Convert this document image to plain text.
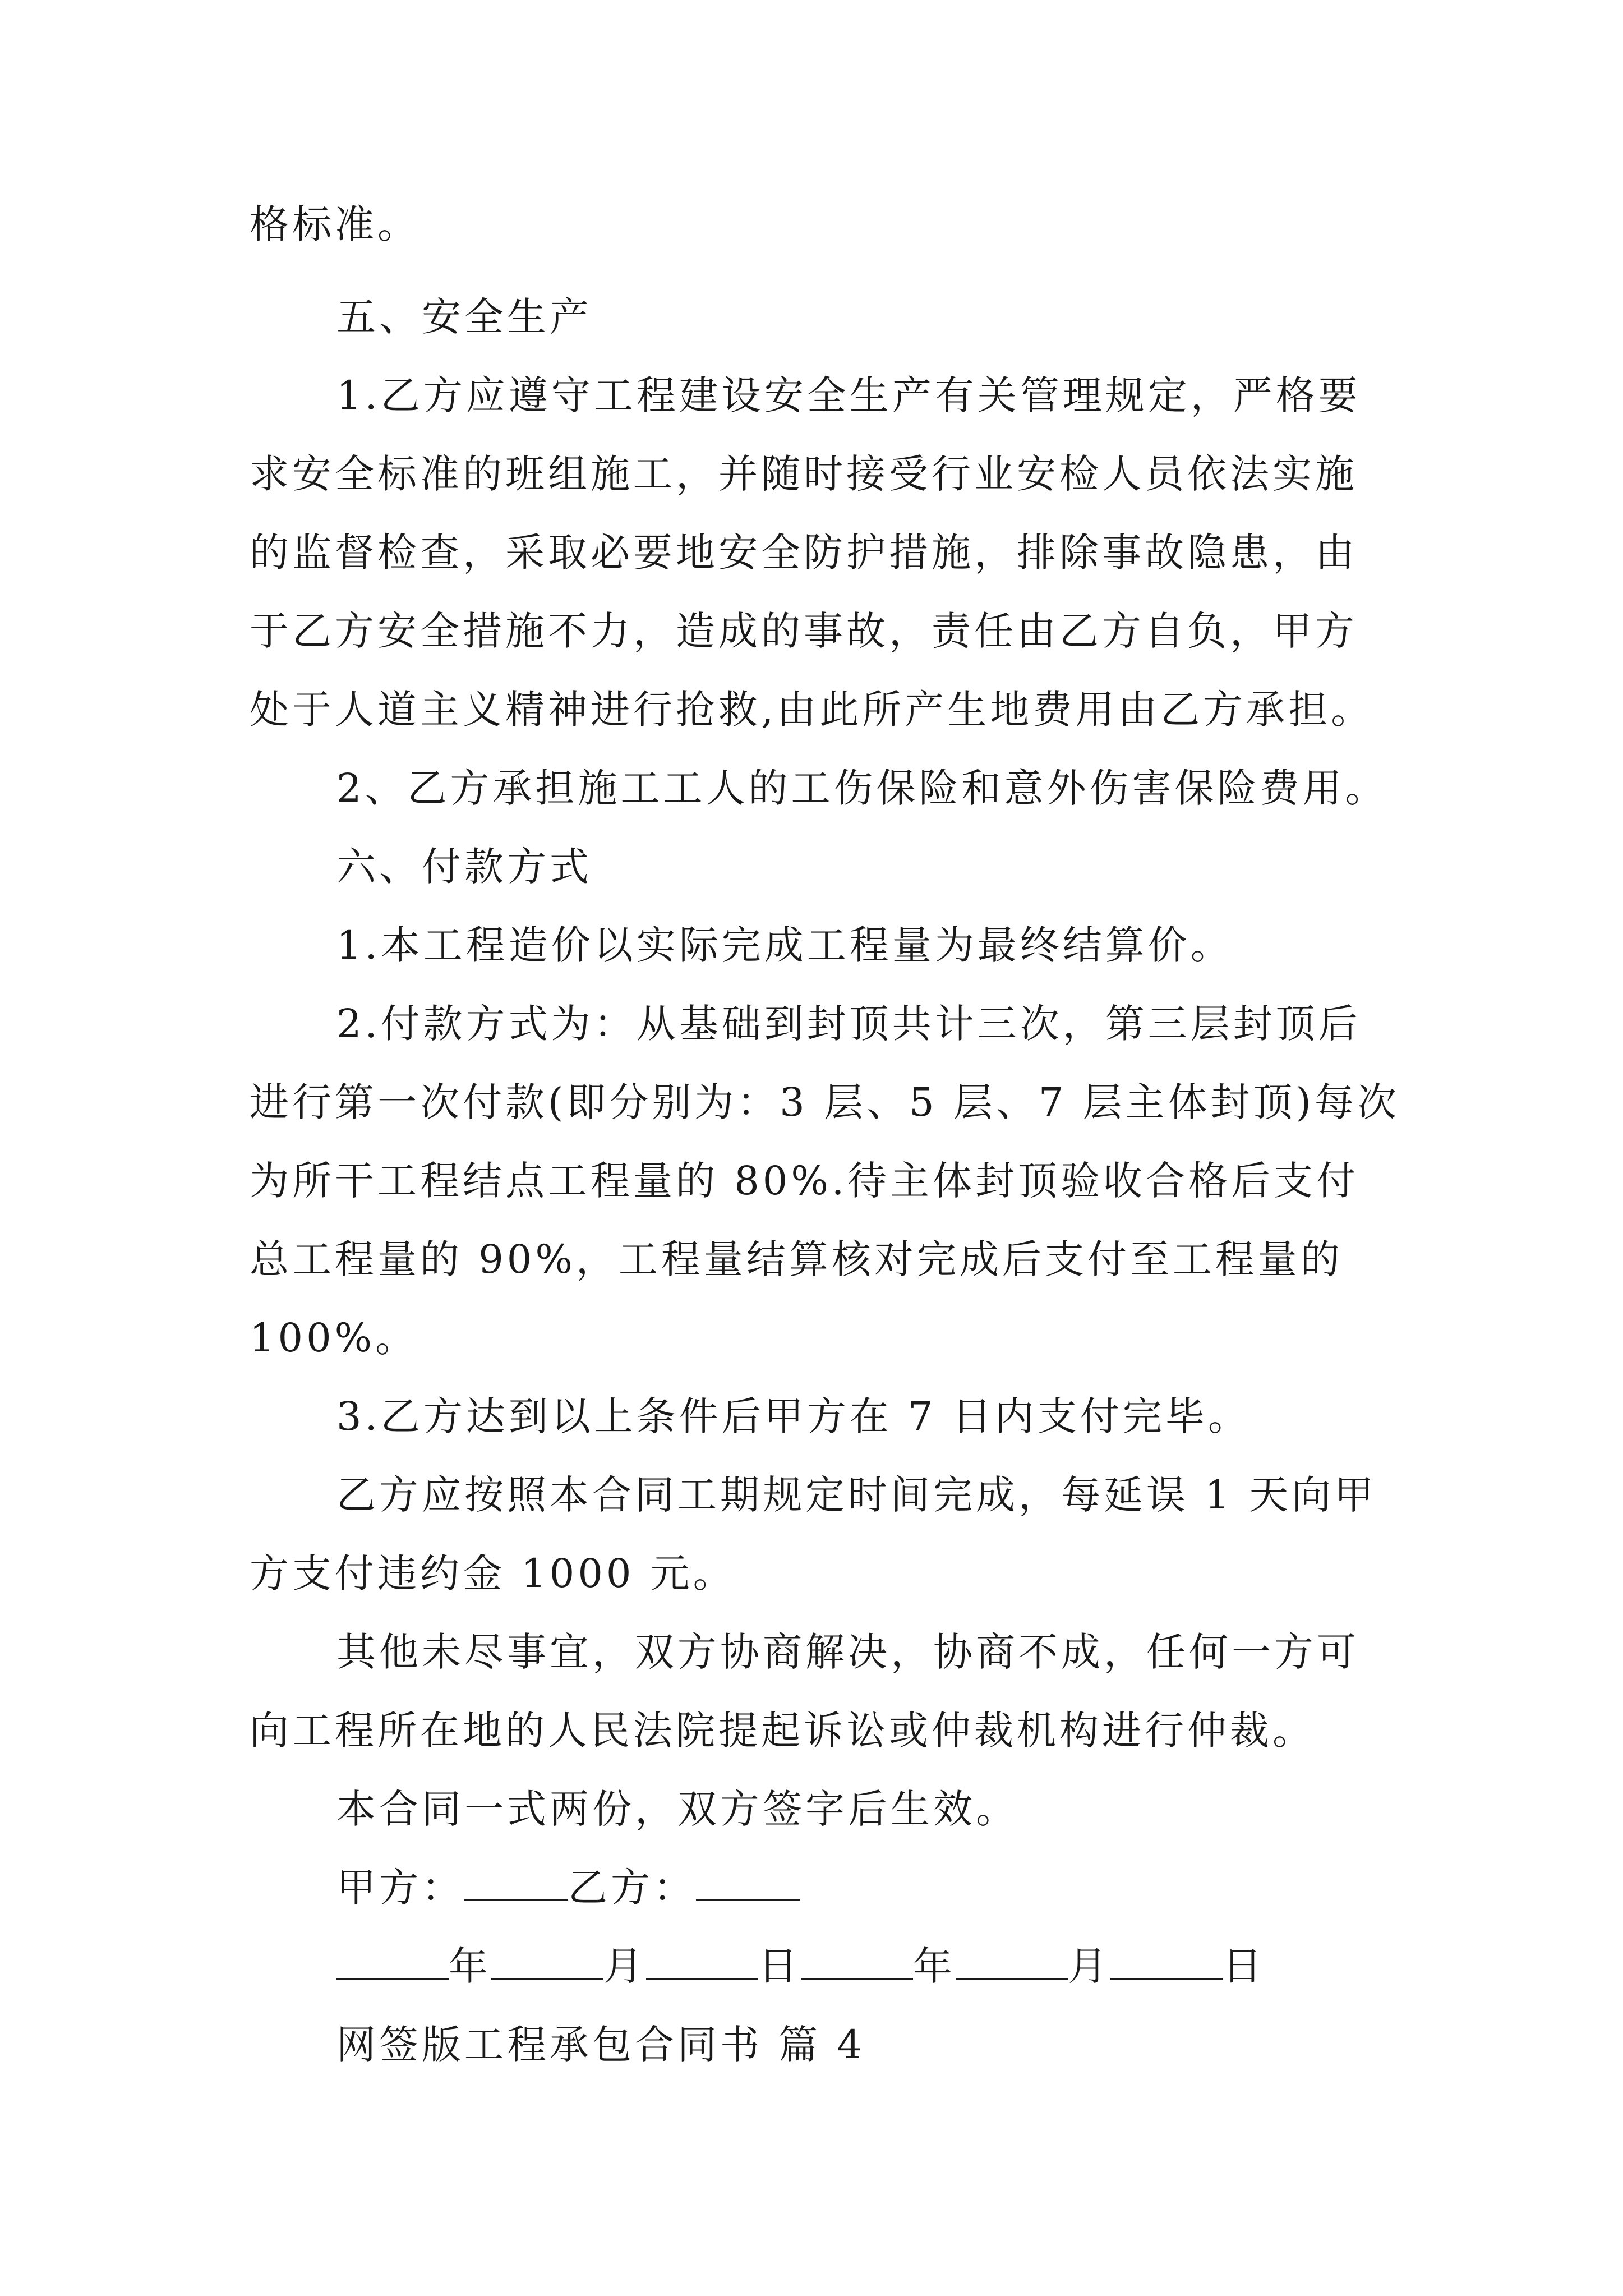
格标准。
五、安全生产
1.乙方应遵守工程建设安全生产有关管理规定，严格要
求安全标准的班组施工，并随时接受行业安检人员依法实施
的监督检查，采取必要地安全防护措施，排除事故隐患，由
于乙方安全措施不力，造成的事故，责任由乙方自负，甲方
处于人道主义精神进行抢救,由此所产生地费用由乙方承担。
2、乙方承担施工工人的工伤保险和意外伤害保险费用。
六、付款方式
1.本工程造价以实际完成工程量为最终结算价。
2.付款方式为：从基础到封顶共计三次，第三层封顶后
进行第一次付款(即分别为：3 层、5 层、7 层主体封顶)每次
为所干工程结点工程量的 80%.待主体封顶验收合格后支付
总工程量的 90%，工程量结算核对完成后支付至工程量的
100%。
3.乙方达到以上条件后甲方在 7 日内支付完毕。
乙方应按照本合同工期规定时间完成，每延误 1 天向甲
方支付违约金 1000 元。
其他未尽事宜，双方协商解决，协商不成，任何一方可
向工程所在地的人民法院提起诉讼或仲裁机构进行仲裁。
本合同一式两份，双方签字后生效。
甲方：	乙方：
年	月	日	年	月	日
网签版工程承包合同书 篇 4
